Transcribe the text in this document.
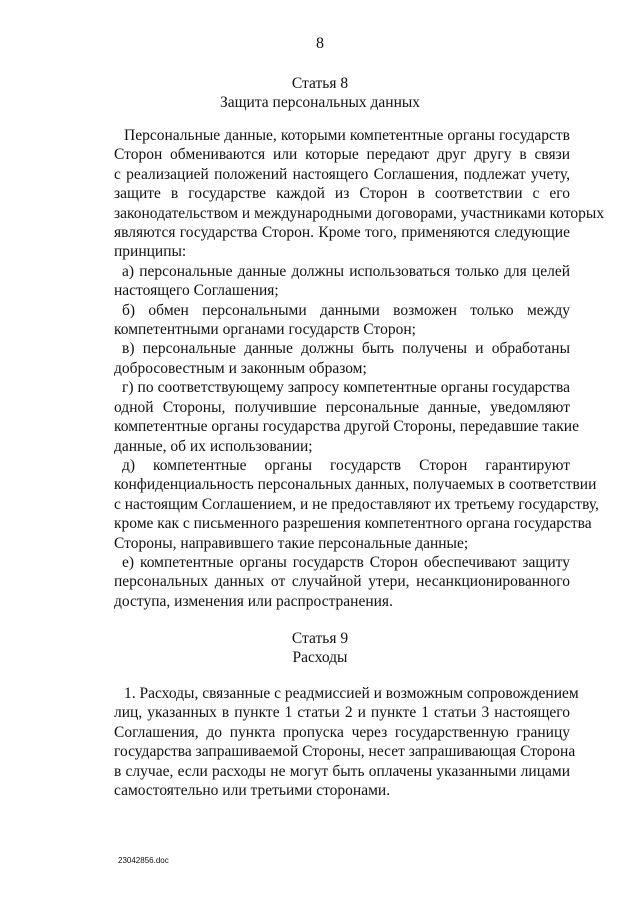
8
Статья 8
Защита персональных данных
Персональные данные, которыми компетентные органы государств
Сторон обмениваются или которые передают друг другу в связи
с реализацией положений настоящего Соглашения, подлежат учету,
защите в государстве каждой из Сторон в соответствии с его
законодательством и международными договорами, участниками которых
являются государства Сторон. Кроме того, применяются следующие
принципы:
а) персональные данные должны использоваться только для целей
настоящего Соглашения;
б) обмен персональными данными возможен только между
компетентными органами государств Сторон;
в) персональные данные должны быть получены и обработаны
добросовестным и законным образом;
г) по соответствующему запросу компетентные органы государства
одной Стороны, получившие персональные данные, уведомляют
компетентные органы государства другой Стороны, передавшие такие
данные, об их использовании;
д) компетентные органы государств Сторон гарантируют
конфиденциальность персональных данных, получаемых в соответствии
с настоящим Соглашением, и не предоставляют их третьему государству,
кроме как с письменного разрешения компетентного органа государства
Стороны, направившего такие персональные данные;
е) компетентные органы государств Сторон обеспечивают защиту
персональных данных от случайной утери, несанкционированного
доступа, изменения или распространения.
Статья 9
Расходы
1. Расходы, связанные с реадмиссией и возможным сопровождением
лиц, указанных в пункте 1 статьи 2 и пункте 1 статьи 3 настоящего
Соглашения, до пункта пропуска через государственную границу
государства запрашиваемой Стороны, несет запрашивающая Сторона
в случае, если расходы не могут быть оплачены указанными лицами
самостоятельно или третьими сторонами.
23042856.doc
